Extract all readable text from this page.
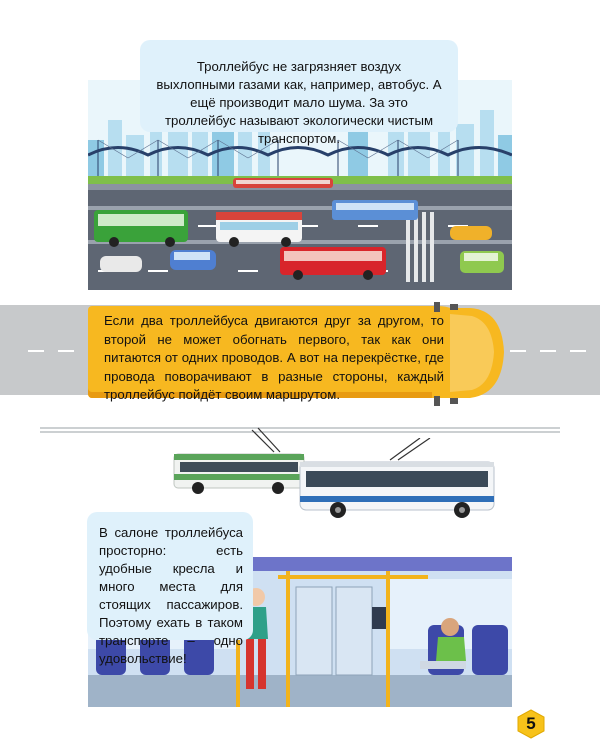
Троллейбус не загрязняет воздух выхлопными газами как, например, автобус. А ещё производит мало шума. За это троллейбус называют экологически чистым транспортом.
Если два троллейбуса двигаются друг за другом, то второй не может обогнать первого, так как они питаются от одних проводов. А вот на перекрёстке, где провода поворачивают в разные стороны, каждый троллейбус пойдёт своим маршрутом.
В салоне троллейбуса просторно: есть удобные кресла и много места для стоящих пассажиров. Поэтому ехать в таком транспорте – одно удовольствие!
5
